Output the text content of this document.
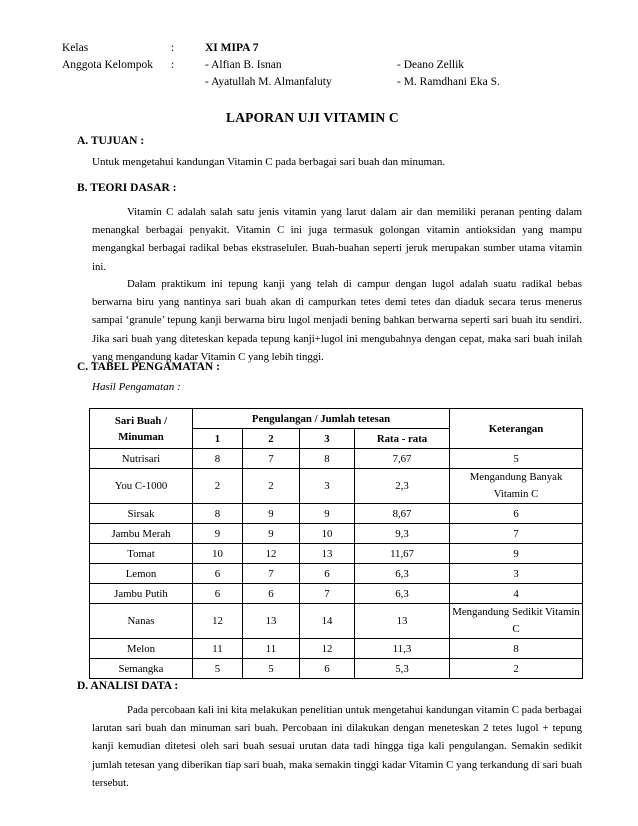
Kelas	:	XI MIPA 7
Anggota Kelompok :	- Alfian B. Isnan	- Deano Zellik
- Ayatullah M. Almanfaluty	- M. Ramdhani Eka S.
LAPORAN UJI VITAMIN C
A. TUJUAN :
Untuk mengetahui kandungan Vitamin C pada berbagai sari buah dan minuman.
B. TEORI DASAR :

Vitamin C adalah salah satu jenis vitamin yang larut dalam air dan memiliki peranan penting dalam menangkal berbagai penyakit. Vitamin C ini juga termasuk golongan vitamin antioksidan yang mampu mengangkal berbagai radikal bebas ekstraseluler. Buah-buahan seperti jeruk merupakan sumber utama vitamin ini.

Dalam praktikum ini tepung kanji yang telah di campur dengan lugol adalah suatu radikal bebas berwarna biru yang nantinya sari buah akan di campurkan tetes demi tetes dan diaduk secara terus menerus sampai ‘granule’ tepung kanji berwarna biru lugol menjadi bening bahkan berwarna seperti sari buah itu sendiri. Jika sari buah yang diteteskan kepada tepung kanji+lugol ini mengubahnya dengan cepat, maka sari buah inilah yang mengandung kadar Vitamin C yang lebih tinggi.

C. TABEL PENGAMATAN :
Hasil Pengamatan :
Sari Buah / Minuman	Pengulangan / Jumlah tetesan				Keterangan
	1	2	3	Rata - rata	
Nutrisari	8	7	8	7,67	5
You C-1000	2	2	3	2,3	Mengandung Banyak Vitamin C
Sirsak	8	9	9	8,67	6
Jambu Merah	9	9	10	9,3	7
Tomat	10	12	13	11,67	9
Lemon	6	7	6	6,3	3
Jambu Putih	6	6	7	6,3	4
Nanas	12	13	14	13	Mengandung Sedikit Vitamin C
Melon	11	11	12	11,3	8
Semangka	5	5	6	5,3	2
D. ANALISI DATA :

Pada percobaan kali ini kita melakukan penelitian untuk mengetahui kandungan vitamin C pada berbagai larutan sari buah dan minuman sari buah. Percobaan ini dilakukan dengan meneteskan 2 tetes lugol + tepung kanji kemudian ditetesi oleh sari buah sesuai urutan data tadi hingga tiga kali pengulangan. Semakin sedikit jumlah tetesan yang diberikan tiap sari buah, maka semakin tinggi kadar Vitamin C yang terkandung di sari buah tersebut.
